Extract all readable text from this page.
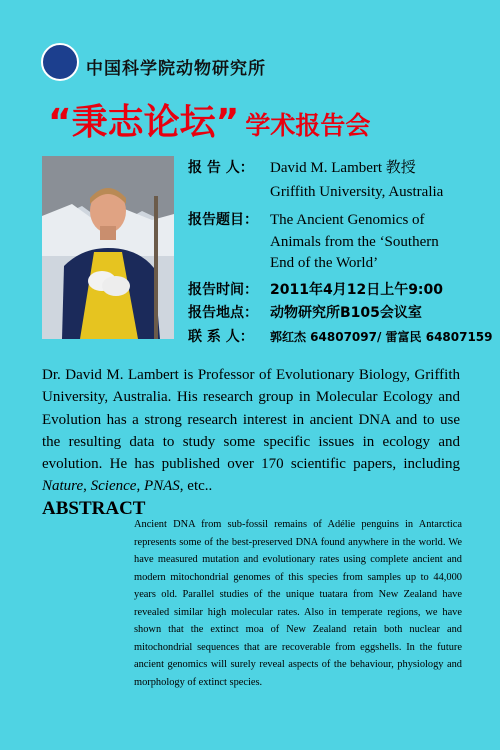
中国科学院动物研究所
“秉志论坛” 学术报告会
报 告 人： David M. Lambert 教授
Griffith University, Australia
报告题目： The Ancient Genomics of
Animals from the ‘Southern
End of the World’
报告时间： 2011年4月12日上午9:00
报告地点： 动物研究所B105会议室
联 系 人： 郭红杰 64807097/ 雷富民 64807159
Dr. David M. Lambert is Professor of Evolutionary Biology, Griffith University, Australia. His research group in Molecular Ecology and Evolution has a strong research interest in ancient DNA and to use the resulting data to study some specific issues in ecology and evolution. He has published over 170 scientific papers, including Nature, Science, PNAS, etc..
ABSTRACT
Ancient DNA from sub-fossil remains of Adélie penguins in Antarctica represents some of the best-preserved DNA found anywhere in the world. We have measured mutation and evolutionary rates using complete ancient and modern mitochondrial genomes of this species from samples up to 44,000 years old. Parallel studies of the unique tuatara from New Zealand have revealed similar high molecular rates. Also in temperate regions, we have shown that the extinct moa of New Zealand retain both nuclear and mitochondrial sequences that are recoverable from eggshells. In the future ancient genomics will surely reveal aspects of the behaviour, physiology and morphology of extinct species.
